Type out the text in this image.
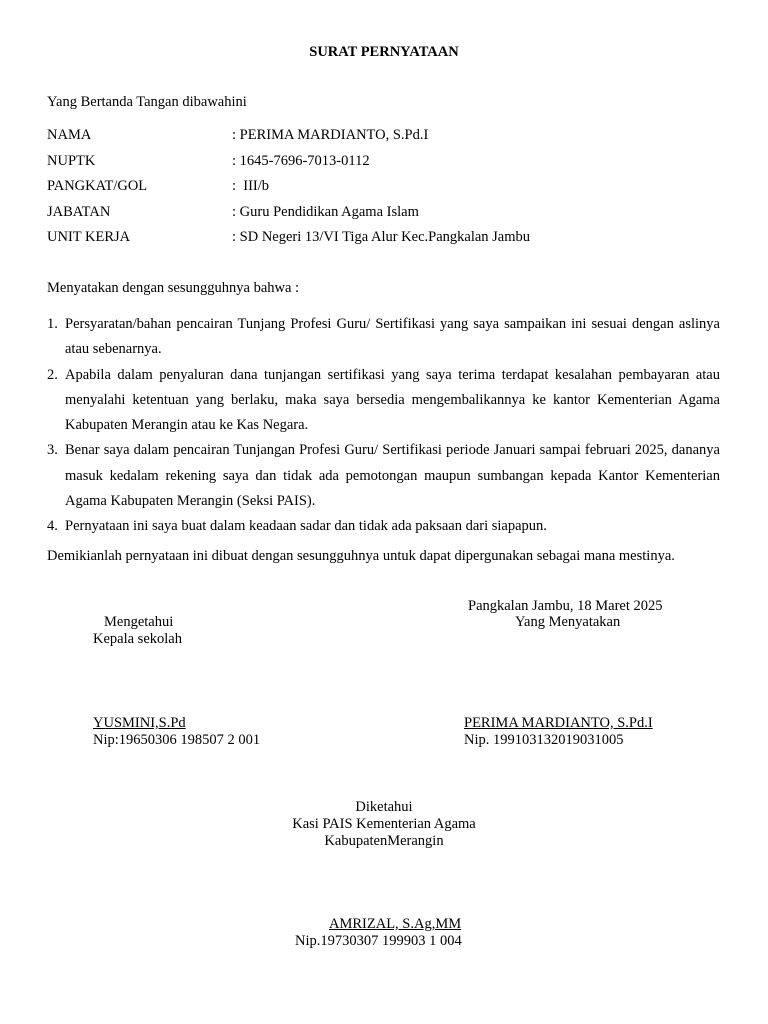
SURAT PERNYATAAN
Yang Bertanda Tangan dibawahini
NAMA	: PERIMA MARDIANTO, S.Pd.I
NUPTK	: 1645-7696-7013-0112
PANGKAT/GOL	:  III/b
JABATAN	: Guru Pendidikan Agama Islam
UNIT KERJA	: SD Negeri 13/VI Tiga Alur Kec.Pangkalan Jambu
Menyatakan dengan sesungguhnya bahwa :
1. Persyaratan/bahan pencairan Tunjang Profesi Guru/ Sertifikasi yang saya sampaikan ini sesuai dengan aslinya atau sebenarnya.
2. Apabila dalam penyaluran dana tunjangan sertifikasi yang saya terima terdapat kesalahan pembayaran atau menyalahi ketentuan yang berlaku, maka saya bersedia mengembalikannya ke kantor Kementerian Agama Kabupaten Merangin atau ke Kas Negara.
3. Benar saya dalam pencairan Tunjangan Profesi Guru/ Sertifikasi periode Januari sampai februari 2025, dananya masuk kedalam rekening saya dan tidak ada pemotongan maupun sumbangan kepada Kantor Kementerian Agama Kabupaten Merangin (Seksi PAIS).
4. Pernyataan ini saya buat dalam keadaan sadar dan tidak ada paksaan dari siapapun.
Demikianlah pernyataan ini dibuat dengan sesungguhnya untuk dapat dipergunakan sebagai mana mestinya.
Pangkalan Jambu, 18 Maret 2025
Mengetahui
Kepala sekolah
Yang Menyatakan
YUSMINI,S.Pd
Nip:19650306 198507 2 001
PERIMA MARDIANTO, S.Pd.I
Nip. 199103132019031005
Diketahui
Kasi PAIS Kementerian Agama
KabupatenMerangin
AMRIZAL, S.Ag,MM
Nip.19730307 199903 1 004
